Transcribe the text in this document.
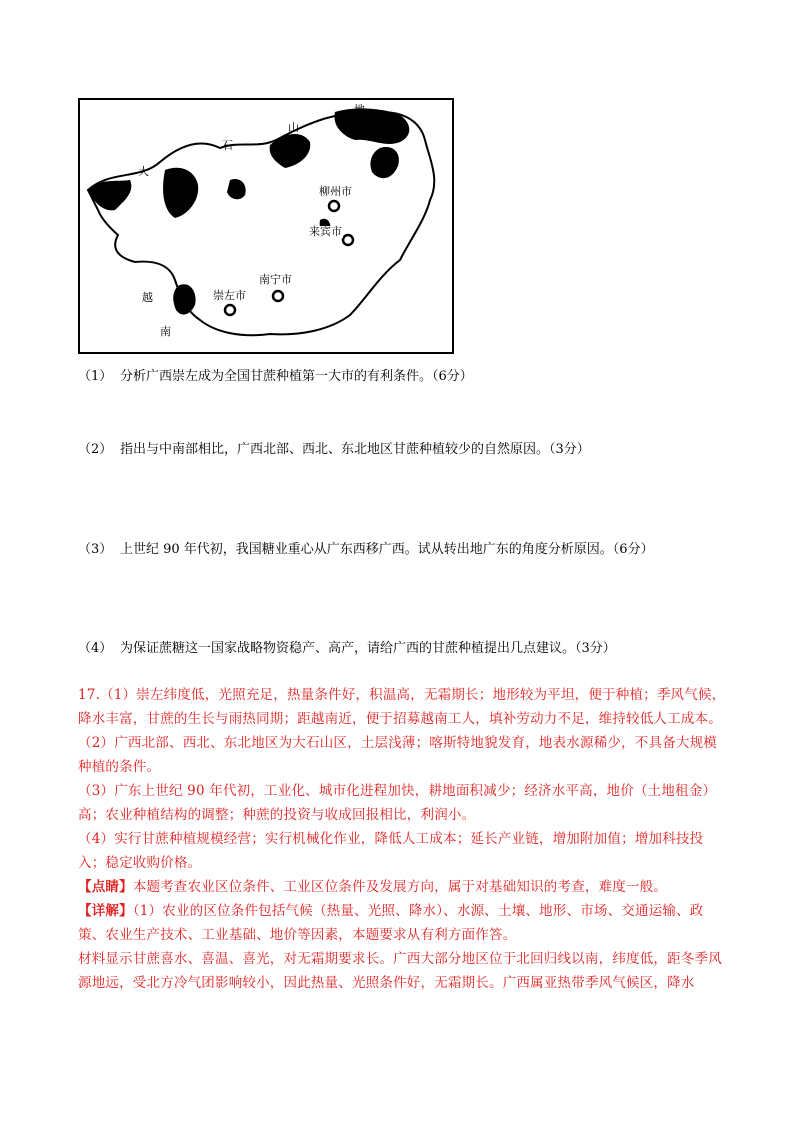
地
山
石
大
越
南
柳州市
来宾市
南宁市
崇左市
（1） 分析广西崇左成为全国甘蔗种植第一大市的有利条件。（6分）
（2） 指出与中南部相比，广西北部、西北、东北地区甘蔗种植较少的自然原因。（3分）
（3） 上世纪 90 年代初，我国糖业重心从广东西移广西。试从转出地广东的角度分析原因。（6分）
（4） 为保证蔗糖这一国家战略物资稳产、高产，请给广西的甘蔗种植提出几点建议。（3分）

17.（1）崇左纬度低，光照充足，热量条件好，积温高，无霜期长；地形较为平坦，便于种植；季风气候，降水丰富，甘蔗的生长与雨热同期；距越南近，便于招募越南工人，填补劳动力不足，维持较低人工成本。

（2）广西北部、西北、东北地区为大石山区，土层浅薄；喀斯特地貌发育，地表水源稀少，不具备大规模种植的条件。

（3）广东上世纪 90 年代初，工业化、城市化进程加快，耕地面积减少；经济水平高，地价（土地租金）高；农业种植结构的调整；种蔗的投资与收成回报相比，利润小。

（4）实行甘蔗种植规模经营；实行机械化作业，降低人工成本；延长产业链，增加附加值；增加科技投入；稳定收购价格。

【点睛】本题考查农业区位条件、工业区位条件及发展方向，属于对基础知识的考查，难度一般。

【详解】（1）农业的区位条件包括气候（热量、光照、降水）、水源、土壤、地形、市场、交通运输、政策、农业生产技术、工业基础、地价等因素，本题要求从有利方面作答。

材料显示甘蔗喜水、喜温、喜光，对无霜期要求长。广西大部分地区位于北回归线以南，纬度低，距冬季风源地远，受北方冷气团影响较小，因此热量、光照条件好，无霜期长。广西属亚热带季风气候区，降水
